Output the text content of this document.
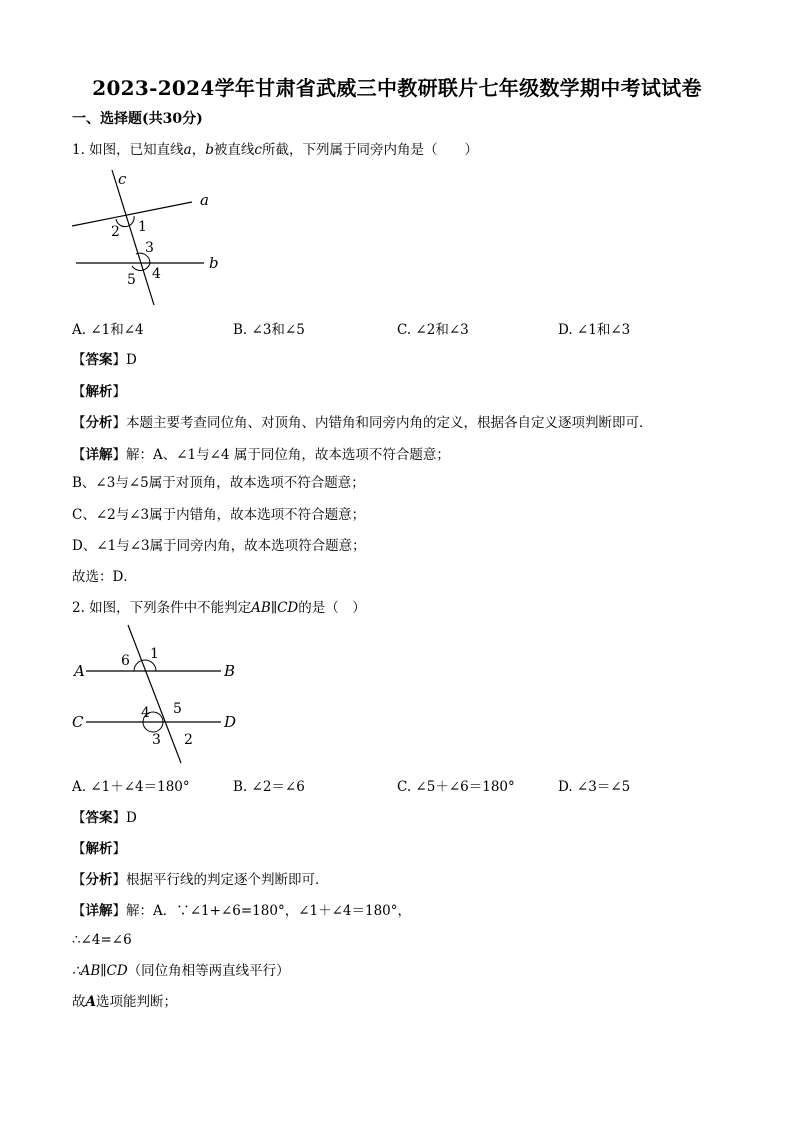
2023-2024学年甘肃省武威三中教研联片七年级数学期中考试试卷
一、选择题(共30分)
1. 如图，已知直线a，b被直线c所截，下列属于同旁内角是（　　）
c
a
b
1
2
3
4
5
A. ∠1和∠4	B. ∠3和∠5	C. ∠2和∠3	D. ∠1和∠3
【答案】D
【解析】
【分析】本题主要考查同位角、对顶角、内错角和同旁内角的定义，根据各自定义逐项判断即可．
【详解】解：A、∠1与∠4 属于同位角，故本选项不符合题意；
B、∠3与∠5属于对顶角，故本选项不符合题意；
C、∠2与∠3属于内错角，故本选项不符合题意；
D、∠1与∠3属于同旁内角，故本选项符合题意；
故选：D．
2. 如图，下列条件中不能判定AB∥CD的是（　）
A	B
C	D
1
6
4 5
3 2
A. ∠1＋∠4＝180°	B. ∠2＝∠6	C. ∠5＋∠6＝180°	D. ∠3＝∠5
【答案】D
【解析】
【分析】根据平行线的判定逐个判断即可．
【详解】解：A．∵∠1+∠6=180°，∠1＋∠4＝180°，
∴∠4=∠6
∴AB∥CD（同位角相等两直线平行）
故A选项能判断；
